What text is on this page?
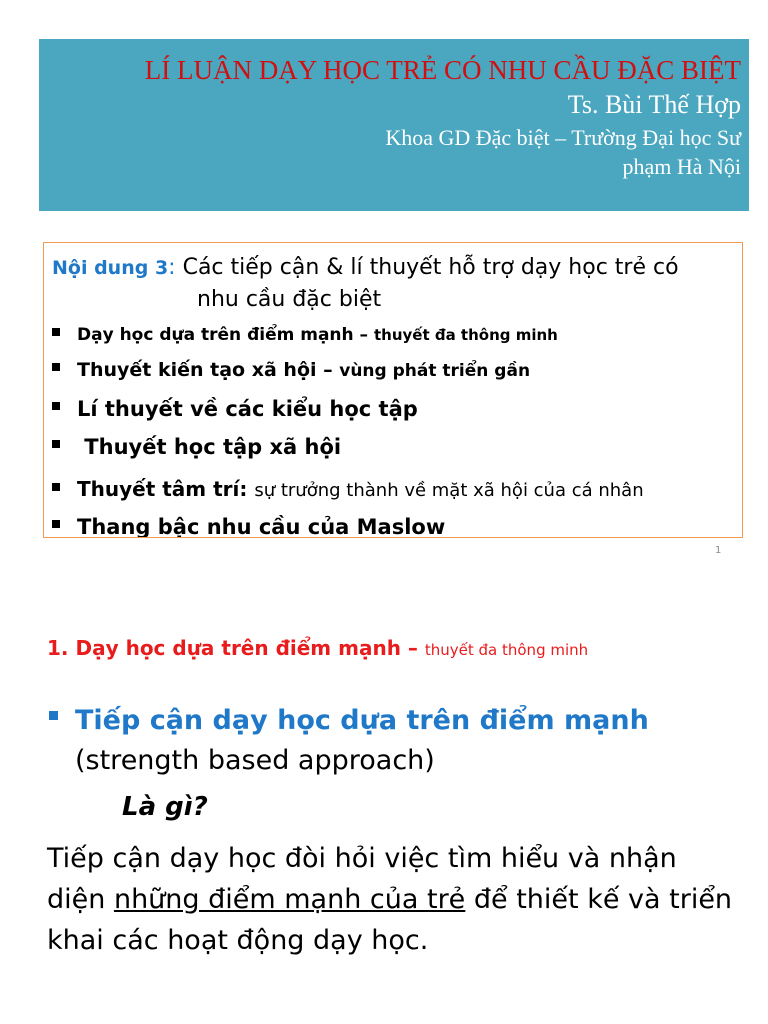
LÍ LUẬN DẠY HỌC TRẺ CÓ NHU CẦU ĐẶC BIỆT
Ts. Bùi Thế Hợp
Khoa GD Đặc biệt – Trường Đại học Sư
phạm Hà Nội
Nội dung 3: Các tiếp cận & lí thuyết hỗ trợ dạy học trẻ có
nhu cầu đặc biệt
Dạy học dựa trên điểm mạnh – thuyết đa thông minh
Thuyết kiến tạo xã hội – vùng phát triển gần
Lí thuyết về các kiểu học tập
Thuyết học tập xã hội
Thuyết tâm trí: sự trưởng thành về mặt xã hội của cá nhân
Thang bậc nhu cầu của Maslow
1
1. Dạy học dựa trên điểm mạnh – thuyết đa thông minh
Tiếp cận dạy học dựa trên điểm mạnh
(strength based approach)
Là gì?
Tiếp cận dạy học đòi hỏi việc tìm hiểu và nhận diện những điểm mạnh của trẻ để thiết kế và triển khai các hoạt động dạy học.
